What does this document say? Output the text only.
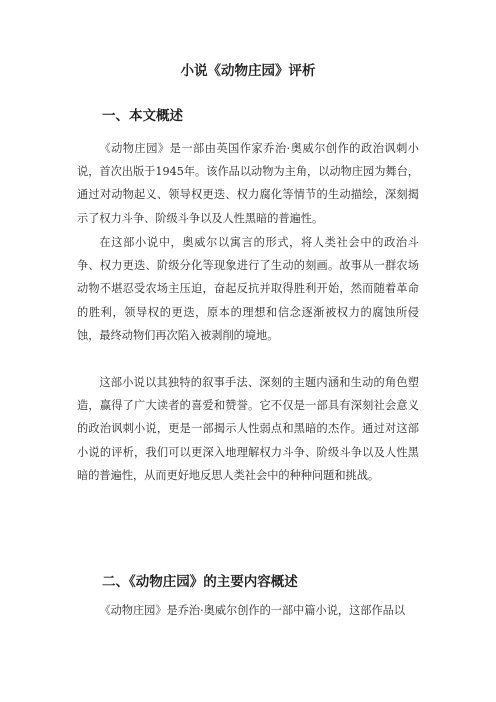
小说《动物庄园》评析
一、本文概述

《动物庄园》是一部由英国作家乔治·奥威尔创作的政治讽刺小说，首次出版于1945年。该作品以动物为主角，以动物庄园为舞台，通过对动物起义、领导权更迭、权力腐化等情节的生动描绘，深刻揭示了权力斗争、阶级斗争以及人性黑暗的普遍性。

在这部小说中，奥威尔以寓言的形式，将人类社会中的政治斗争、权力更迭、阶级分化等现象进行了生动的刻画。故事从一群农场动物不堪忍受农场主压迫，奋起反抗并取得胜利开始，然而随着革命的胜利，领导权的更迭，原本的理想和信念逐渐被权力的腐蚀所侵蚀，最终动物们再次陷入被剥削的境地。

这部小说以其独特的叙事手法、深刻的主题内涵和生动的角色塑造，赢得了广大读者的喜爱和赞誉。它不仅是一部具有深刻社会意义的政治讽刺小说，更是一部揭示人性弱点和黑暗的杰作。通过对这部小说的评析，我们可以更深入地理解权力斗争、阶级斗争以及人性黑暗的普遍性，从而更好地反思人类社会中的种种问题和挑战。

二、《动物庄园》的主要内容概述

《动物庄园》是乔治·奥威尔创作的一部中篇小说，这部作品以
